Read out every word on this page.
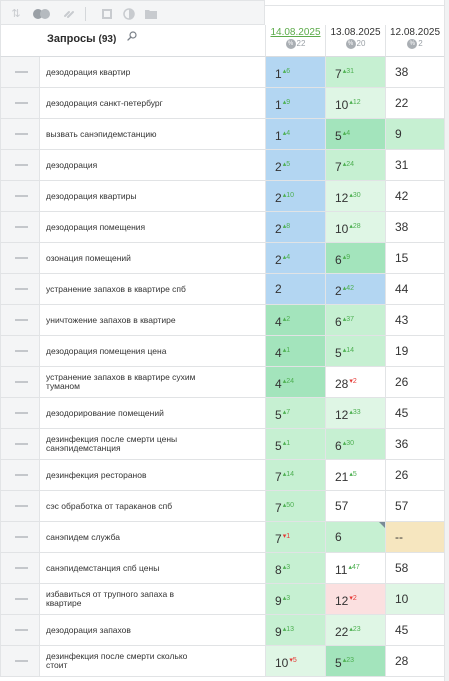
⇅
Запросы (93)
14.08.2025
% 22
13.08.2025
% 20
12.08.2025
% 2
дезодорация квартир	$1^{▴6}$	$7^{▴31}$	38
дезодорация санкт-петербург	$1^{▴9}$	$10^{▴12}$	22
вызвать санэпидемстанцию	$1^{▴4}$	$5^{▴4}$	9
дезодорация	$2^{▴5}$	$7^{▴24}$	31
дезодорация квартиры	$2^{▴10}$	$12^{▴30}$	42
дезодорация помещения	$2^{▴8}$	$10^{▴28}$	38
озонация помещений	$2^{▴4}$	$6^{▴9}$	15
устранение запахов в квартире спб	2	$2^{▴42}$	44
уничтожение запахов в квартире	$4^{▴2}$	$6^{▴37}$	43
дезодорация помещения цена	$4^{▴1}$	$5^{▴14}$	19
устранение запахов в квартире сухим туманом	$4^{▴24}$	$28^{▾2}$	26
дезодорирование помещений	$5^{▴7}$	$12^{▴33}$	45
дезинфекция после смерти цены санэпидемстанция	$5^{▴1}$	$6^{▴30}$	36
дезинфекция ресторанов	$7^{▴14}$	$21^{▴5}$	26
сэс обработка от тараканов спб	$7^{▴50}$	57	57
санэпидем служба	$7^{▾1}$	6	--
санэпидемстанция спб цены	$8^{▴3}$	$11^{▴47}$	58
избавиться от трупного запаха в квартире	$9^{▴3}$	$12^{▾2}$	10
дезодорация запахов	$9^{▴13}$	$22^{▴23}$	45
дезинфекция после смерти сколько стоит	$10^{▾5}$	$5^{▴23}$	28
